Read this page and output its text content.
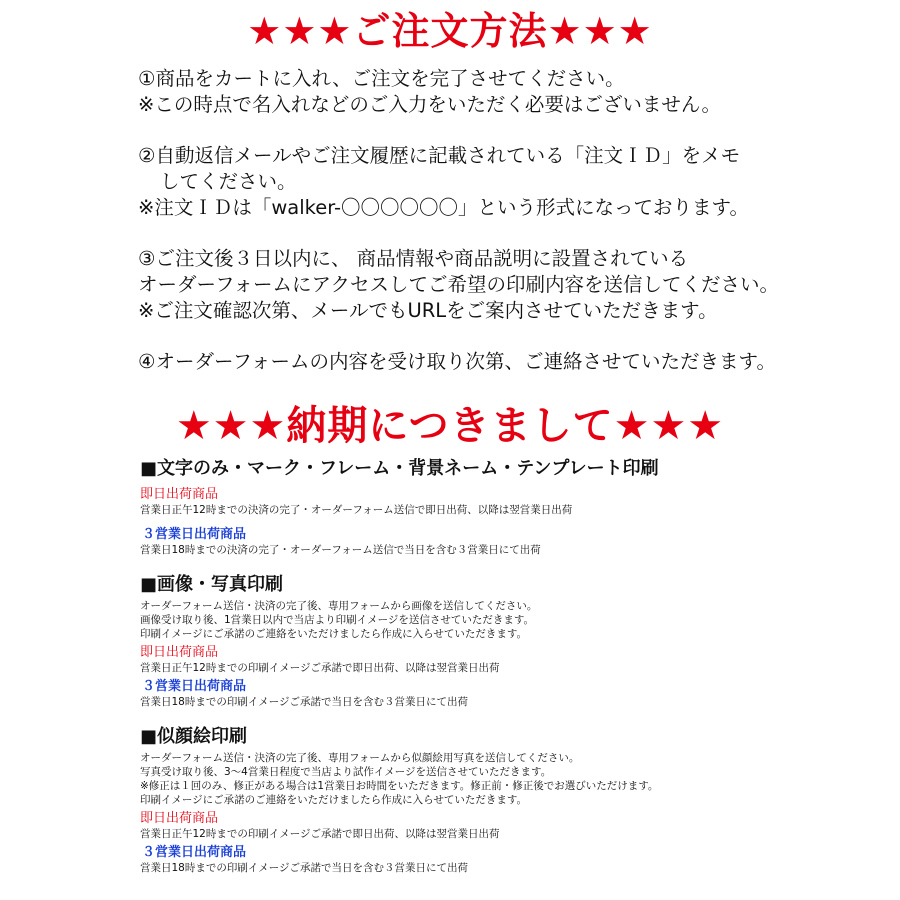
★★★ご注文方法★★★
①商品をカートに入れ、ご注文を完了させてください。
※この時点で名入れなどのご入力をいただく必要はございません。
②自動返信メールやご注文履歴に記載されている「注文ＩＤ」をメモ
してください。
※注文ＩＤは「walker-〇〇〇〇〇〇」という形式になっております。
③ご注文後３日以内に、 商品情報や商品説明に設置されている
オーダーフォームにアクセスしてご希望の印刷内容を送信してください。
※ご注文確認次第、メールでもURLをご案内させていただきます。
④オーダーフォームの内容を受け取り次第、ご連絡させていただきます。
★★★納期につきまして★★★
■文字のみ・マーク・フレーム・背景ネーム・テンプレート印刷
即日出荷商品
営業日正午12時までの決済の完了・オーダーフォーム送信で即日出荷、以降は翌営業日出荷
３営業日出荷商品
営業日18時までの決済の完了・オーダーフォーム送信で当日を含む３営業日にて出荷
■画像・写真印刷
オーダーフォーム送信・決済の完了後、専用フォームから画像を送信してください。
画像受け取り後、1営業日以内で当店より印刷イメージを送信させていただきます。
印刷イメージにご承諾のご連絡をいただけましたら作成に入らせていただきます。
即日出荷商品
営業日正午12時までの印刷イメージご承諾で即日出荷、以降は翌営業日出荷
３営業日出荷商品
営業日18時までの印刷イメージご承諾で当日を含む３営業日にて出荷
■似顔絵印刷
オーダーフォーム送信・決済の完了後、専用フォームから似顔絵用写真を送信してください。
写真受け取り後、3〜4営業日程度で当店より試作イメージを送信させていただきます。
※修正は１回のみ、修正がある場合は1営業日お時間をいただきます。修正前・修正後でお選びいただけます。
印刷イメージにご承諾のご連絡をいただけましたら作成に入らせていただきます。
即日出荷商品
営業日正午12時までの印刷イメージご承諾で即日出荷、以降は翌営業日出荷
３営業日出荷商品
営業日18時までの印刷イメージご承諾で当日を含む３営業日にて出荷
